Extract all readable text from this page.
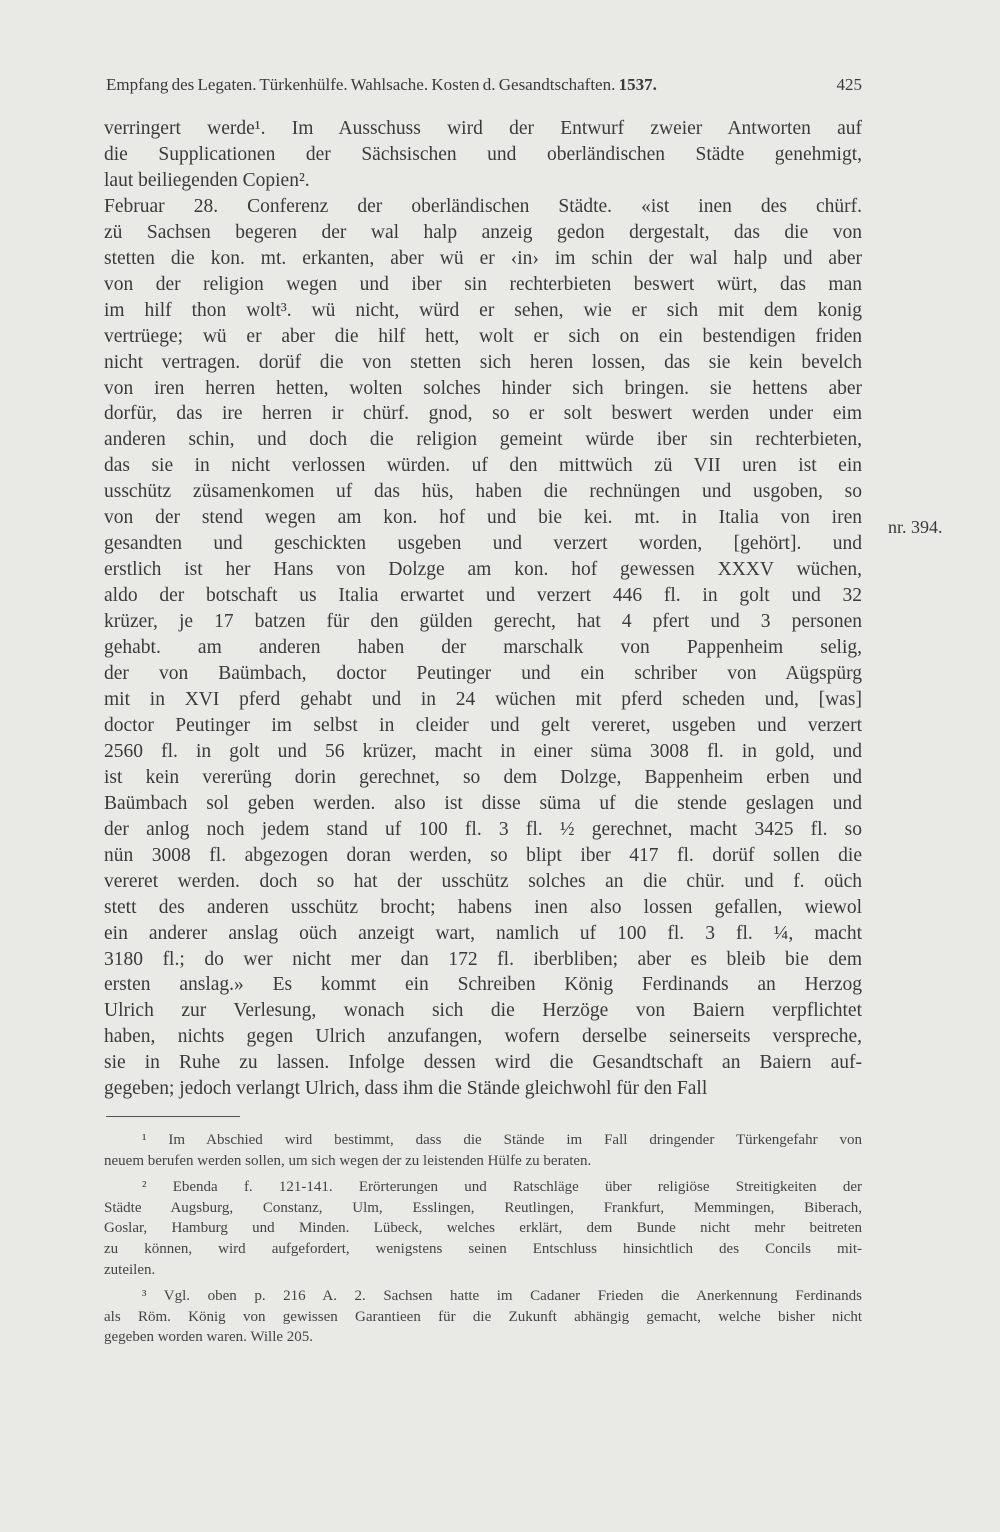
Empfang des Legaten. Türkenhülfe. Wahlsache. Kosten d. Gesandtschaften. 1537.	425
verringert werde¹. Im Ausschuss wird der Entwurf zweier Antworten auf
die Supplicationen der Sächsischen und oberländischen Städte genehmigt,
laut beiliegenden Copien².
Februar 28. Conferenz der oberländischen Städte. «ist inen des chürf.
zü Sachsen begeren der wal halp anzeig gedon dergestalt, das die von
stetten die kon. mt. erkanten, aber wü er ‹in› im schin der wal halp und aber
von der religion wegen und iber sin rechterbieten beswert würt, das man
im hilf thon wolt³. wü nicht, würd er sehen, wie er sich mit dem konig
vertrüege; wü er aber die hilf hett, wolt er sich on ein bestendigen friden
nicht vertragen. dorüf die von stetten sich heren lossen, das sie kein bevelch
von iren herren hetten, wolten solches hinder sich bringen. sie hettens aber
dorfür, das ire herren ir chürf. gnod, so er solt beswert werden under eim
anderen schin, und doch die religion gemeint würde iber sin rechterbieten,
das sie in nicht verlossen würden. uf den mittwüch zü VII uren ist ein
usschütz züsamenkomen uf das hüs, haben die rechnüngen und usgoben, so
von der stend wegen am kon. hof und bie kei. mt. in Italia von iren
gesandten und geschickten usgeben und verzert worden, [gehört]. und
erstlich ist her Hans von Dolzge am kon. hof gewessen XXXV wüchen,
aldo der botschaft us Italia erwartet und verzert 446 fl. in golt und 32
krüzer, je 17 batzen für den gülden gerecht, hat 4 pfert und 3 personen
gehabt. am anderen haben der marschalk von Pappenheim selig,
der von Baümbach, doctor Peutinger und ein schriber von Aügspürg
mit in XVI pferd gehabt und in 24 wüchen mit pferd scheden und, [was]
doctor Peutinger im selbst in cleider und gelt vereret, usgeben und verzert
2560 fl. in golt und 56 krüzer, macht in einer süma 3008 fl. in gold, und
ist kein vererüng dorin gerechnet, so dem Dolzge, Bappenheim erben und
Baümbach sol geben werden. also ist disse süma uf die stende geslagen und
der anlog noch jedem stand uf 100 fl. 3 fl. ½ gerechnet, macht 3425 fl. so
nün 3008 fl. abgezogen doran werden, so blipt iber 417 fl. dorüf sollen die
vereret werden. doch so hat der usschütz solches an die chür. und f. oüch
stett des anderen usschütz brocht; habens inen also lossen gefallen, wiewol
ein anderer anslag oüch anzeigt wart, namlich uf 100 fl. 3 fl. ¼, macht
3180 fl.; do wer nicht mer dan 172 fl. iberbliben; aber es bleib bie dem
ersten anslag.» Es kommt ein Schreiben König Ferdinands an Herzog
Ulrich zur Verlesung, wonach sich die Herzöge von Baiern verpflichtet
haben, nichts gegen Ulrich anzufangen, wofern derselbe seinerseits verspreche,
sie in Ruhe zu lassen. Infolge dessen wird die Gesandtschaft an Baiern auf-
gegeben; jedoch verlangt Ulrich, dass ihm die Stände gleichwohl für den Fall
nr. 394.

¹ Im Abschied wird bestimmt, dass die Stände im Fall dringender Türkengefahr von
neuem berufen werden sollen, um sich wegen der zu leistenden Hülfe zu beraten.

² Ebenda f. 121-141. Erörterungen und Ratschläge über religiöse Streitigkeiten der
Städte Augsburg, Constanz, Ulm, Esslingen, Reutlingen, Frankfurt, Memmingen, Biberach,
Goslar, Hamburg und Minden. Lübeck, welches erklärt, dem Bunde nicht mehr beitreten
zu können, wird aufgefordert, wenigstens seinen Entschluss hinsichtlich des Concils mit-
zuteilen.

³ Vgl. oben p. 216 A. 2. Sachsen hatte im Cadaner Frieden die Anerkennung Ferdinands
als Röm. König von gewissen Garantieen für die Zukunft abhängig gemacht, welche bisher nicht
gegeben worden waren. Wille 205.
